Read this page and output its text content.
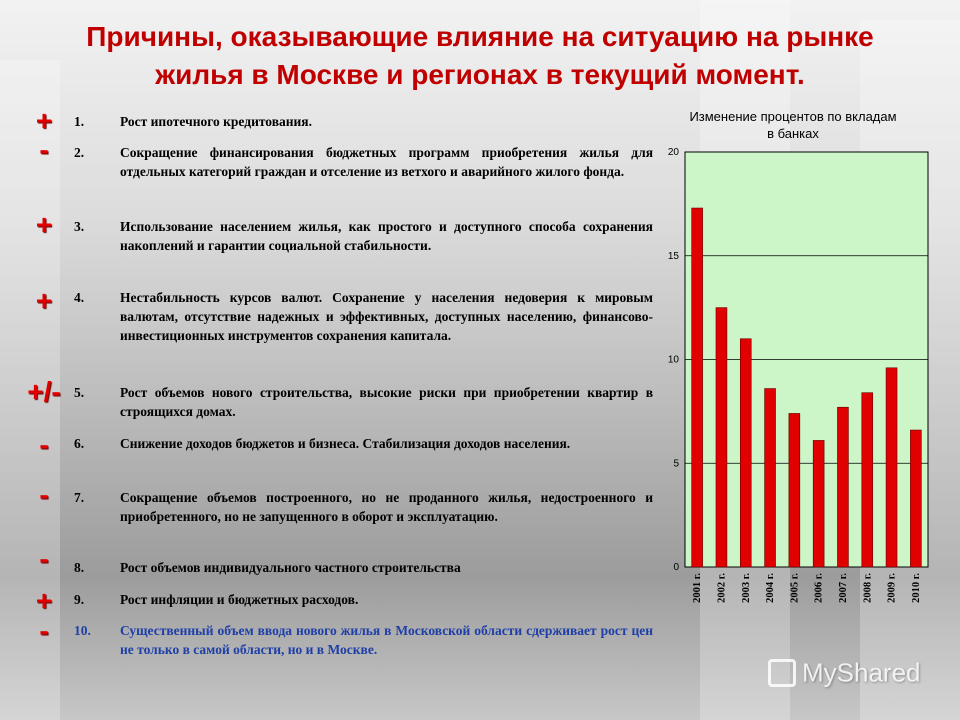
Причины, оказывающие влияние на ситуацию на рынке жилья в Москве и регионах в текущий момент.
+	1.	Рост ипотечного кредитования.
-	2.	Сокращение финансирования бюджетных программ приобретения жилья для отдельных категорий граждан и отселение из ветхого и аварийного жилого фонда.
+	3.	Использование населением жилья, как простого и доступного способа сохранения накоплений и гарантии социальной стабильности.
+	4.	Нестабильность курсов валют. Сохранение у населения недоверия к мировым валютам, отсутствие надежных и эффективных, доступных населению, финансово-инвестиционных инструментов сохранения капитала.
+/- 5.	Рост объемов нового строительства, высокие риски при приобретении квартир в строящихся домах.
-	6.	Снижение доходов бюджетов и бизнеса. Стабилизация доходов населения.
-	7.	Сокращение объемов построенного, но не проданного жилья, недостроенного и приобретенного, но не запущенного в оборот и эксплуатацию.
-	8.	Рост объемов индивидуального частного строительства
+	9.	Рост инфляции и бюджетных расходов.
-	10.	Существенный объем ввода нового жилья в Московской области сдерживает рост цен не только в самой области, но и в Москве.
Изменение процентов по вкладам в банках
0
5
10
15
20
2001 г. 2002 г. 2003 г. 2004 г. 2005 г. 2006 г. 2007 г. 2008 г. 2009 г. 2010 г.
MyShared
